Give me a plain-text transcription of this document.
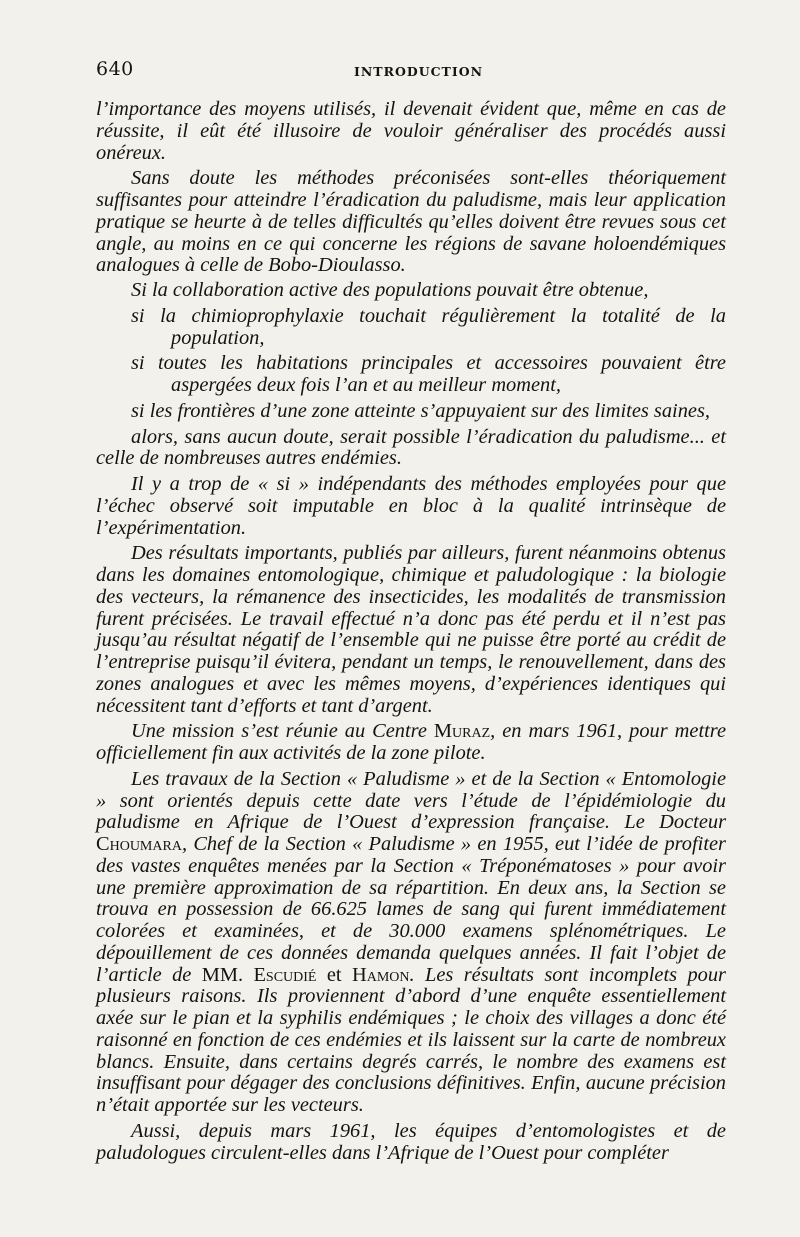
640	INTRODUCTION

l’importance des moyens utilisés, il devenait évident que, même en cas de réussite, il eût été illusoire de vouloir généraliser des procédés aussi onéreux.

Sans doute les méthodes préconisées sont-elles théoriquement suffisantes pour atteindre l’éradication du paludisme, mais leur application pratique se heurte à de telles difficultés qu’elles doivent être revues sous cet angle, au moins en ce qui concerne les régions de savane holoendémiques analogues à celle de Bobo-Dioulasso.

Si la collaboration active des populations pouvait être obtenue,

si la chimioprophylaxie touchait régulièrement la totalité de la population,

si toutes les habitations principales et accessoires pouvaient être aspergées deux fois l’an et au meilleur moment,

si les frontières d’une zone atteinte s’appuyaient sur des limites saines,

alors, sans aucun doute, serait possible l’éradication du paludisme... et celle de nombreuses autres endémies.

Il y a trop de « si » indépendants des méthodes employées pour que l’échec observé soit imputable en bloc à la qualité intrinsèque de l’expérimentation.

Des résultats importants, publiés par ailleurs, furent néanmoins obtenus dans les domaines entomologique, chimique et paludologique : la biologie des vecteurs, la rémanence des insecticides, les modalités de transmission furent précisées. Le travail effectué n’a donc pas été perdu et il n’est pas jusqu’au résultat négatif de l’ensemble qui ne puisse être porté au crédit de l’entreprise puisqu’il évitera, pendant un temps, le renouvellement, dans des zones analogues et avec les mêmes moyens, d’expériences identiques qui nécessitent tant d’efforts et tant d’argent.

Une mission s’est réunie au Centre Muraz, en mars 1961, pour mettre officiellement fin aux activités de la zone pilote.

Les travaux de la Section « Paludisme » et de la Section « Entomologie » sont orientés depuis cette date vers l’étude de l’épidémiologie du paludisme en Afrique de l’Ouest d’expression française. Le Docteur Choumara, Chef de la Section « Paludisme » en 1955, eut l’idée de profiter des vastes enquêtes menées par la Section « Tréponématoses » pour avoir une première approximation de sa répartition. En deux ans, la Section se trouva en possession de 66.625 lames de sang qui furent immédiatement colorées et examinées, et de 30.000 examens splénométriques. Le dépouillement de ces données demanda quelques années. Il fait l’objet de l’article de MM. Escudié et Hamon. Les résultats sont incomplets pour plusieurs raisons. Ils proviennent d’abord d’une enquête essentiellement axée sur le pian et la syphilis endémiques ; le choix des villages a donc été raisonné en fonction de ces endémies et ils laissent sur la carte de nombreux blancs. Ensuite, dans certains degrés carrés, le nombre des examens est insuffisant pour dégager des conclusions définitives. Enfin, aucune précision n’était apportée sur les vecteurs.

Aussi, depuis mars 1961, les équipes d’entomologistes et de paludologues circulent-elles dans l’Afrique de l’Ouest pour compléter
